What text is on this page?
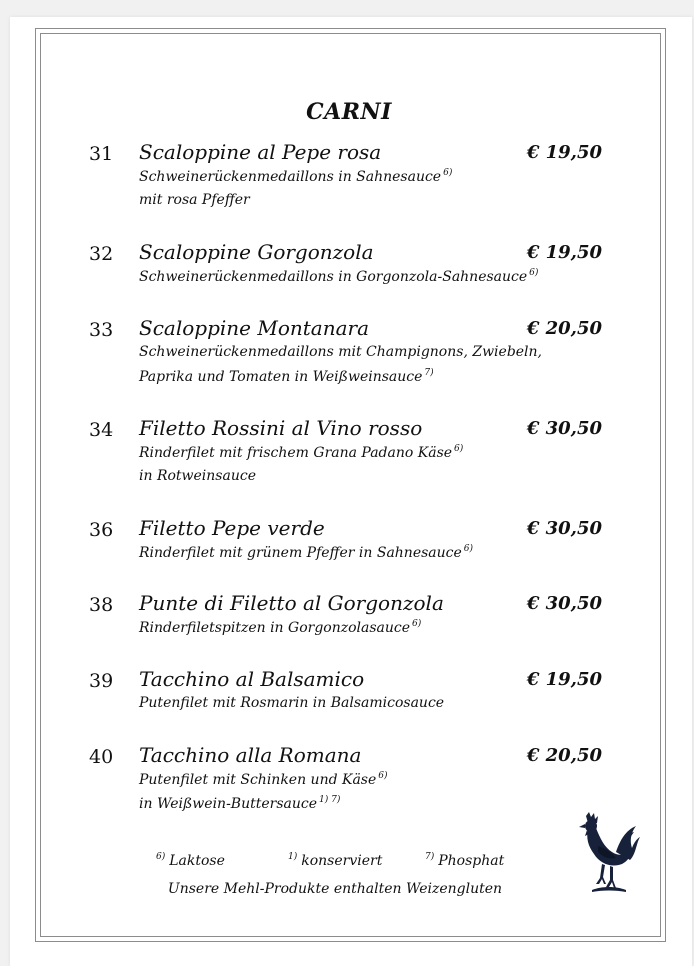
CARNI
31 Scaloppine al Pepe rosa	€ 19,50
Schweinerückenmedaillons in Sahnesauce $^{6)}$
mit rosa Pfeffer
32 Scaloppine Gorgonzola	€ 19,50
Schweinerückenmedaillons in Gorgonzola-Sahnesauce $^{6)}$
33 Scaloppine Montanara	€ 20,50
Schweinerückenmedaillons mit Champignons, Zwiebeln,
Paprika und Tomaten in Weißweinsauce $^{7)}$
34 Filetto Rossini al Vino rosso	€ 30,50
Rinderfilet mit frischem Grana Padano Käse $^{6)}$
in Rotweinsauce
36 Filetto Pepe verde	€ 30,50
Rinderfilet mit grünem Pfeffer in Sahnesauce $^{6)}$
38 Punte di Filetto al Gorgonzola	€ 30,50
Rinderfiletspitzen in Gorgonzolasauce $^{6)}$
39 Tacchino al Balsamico	€ 19,50
Putenfilet mit Rosmarin in Balsamicosauce
40 Tacchino alla Romana	€ 20,50
Putenfilet mit Schinken und Käse $^{6)}$
in Weißwein-Buttersauce $^{1) 7)}$
$^{6)}$ Laktose	$^{1)}$ konserviert	$^{7)}$ Phosphat
Unsere Mehl-Produkte enthalten Weizengluten
